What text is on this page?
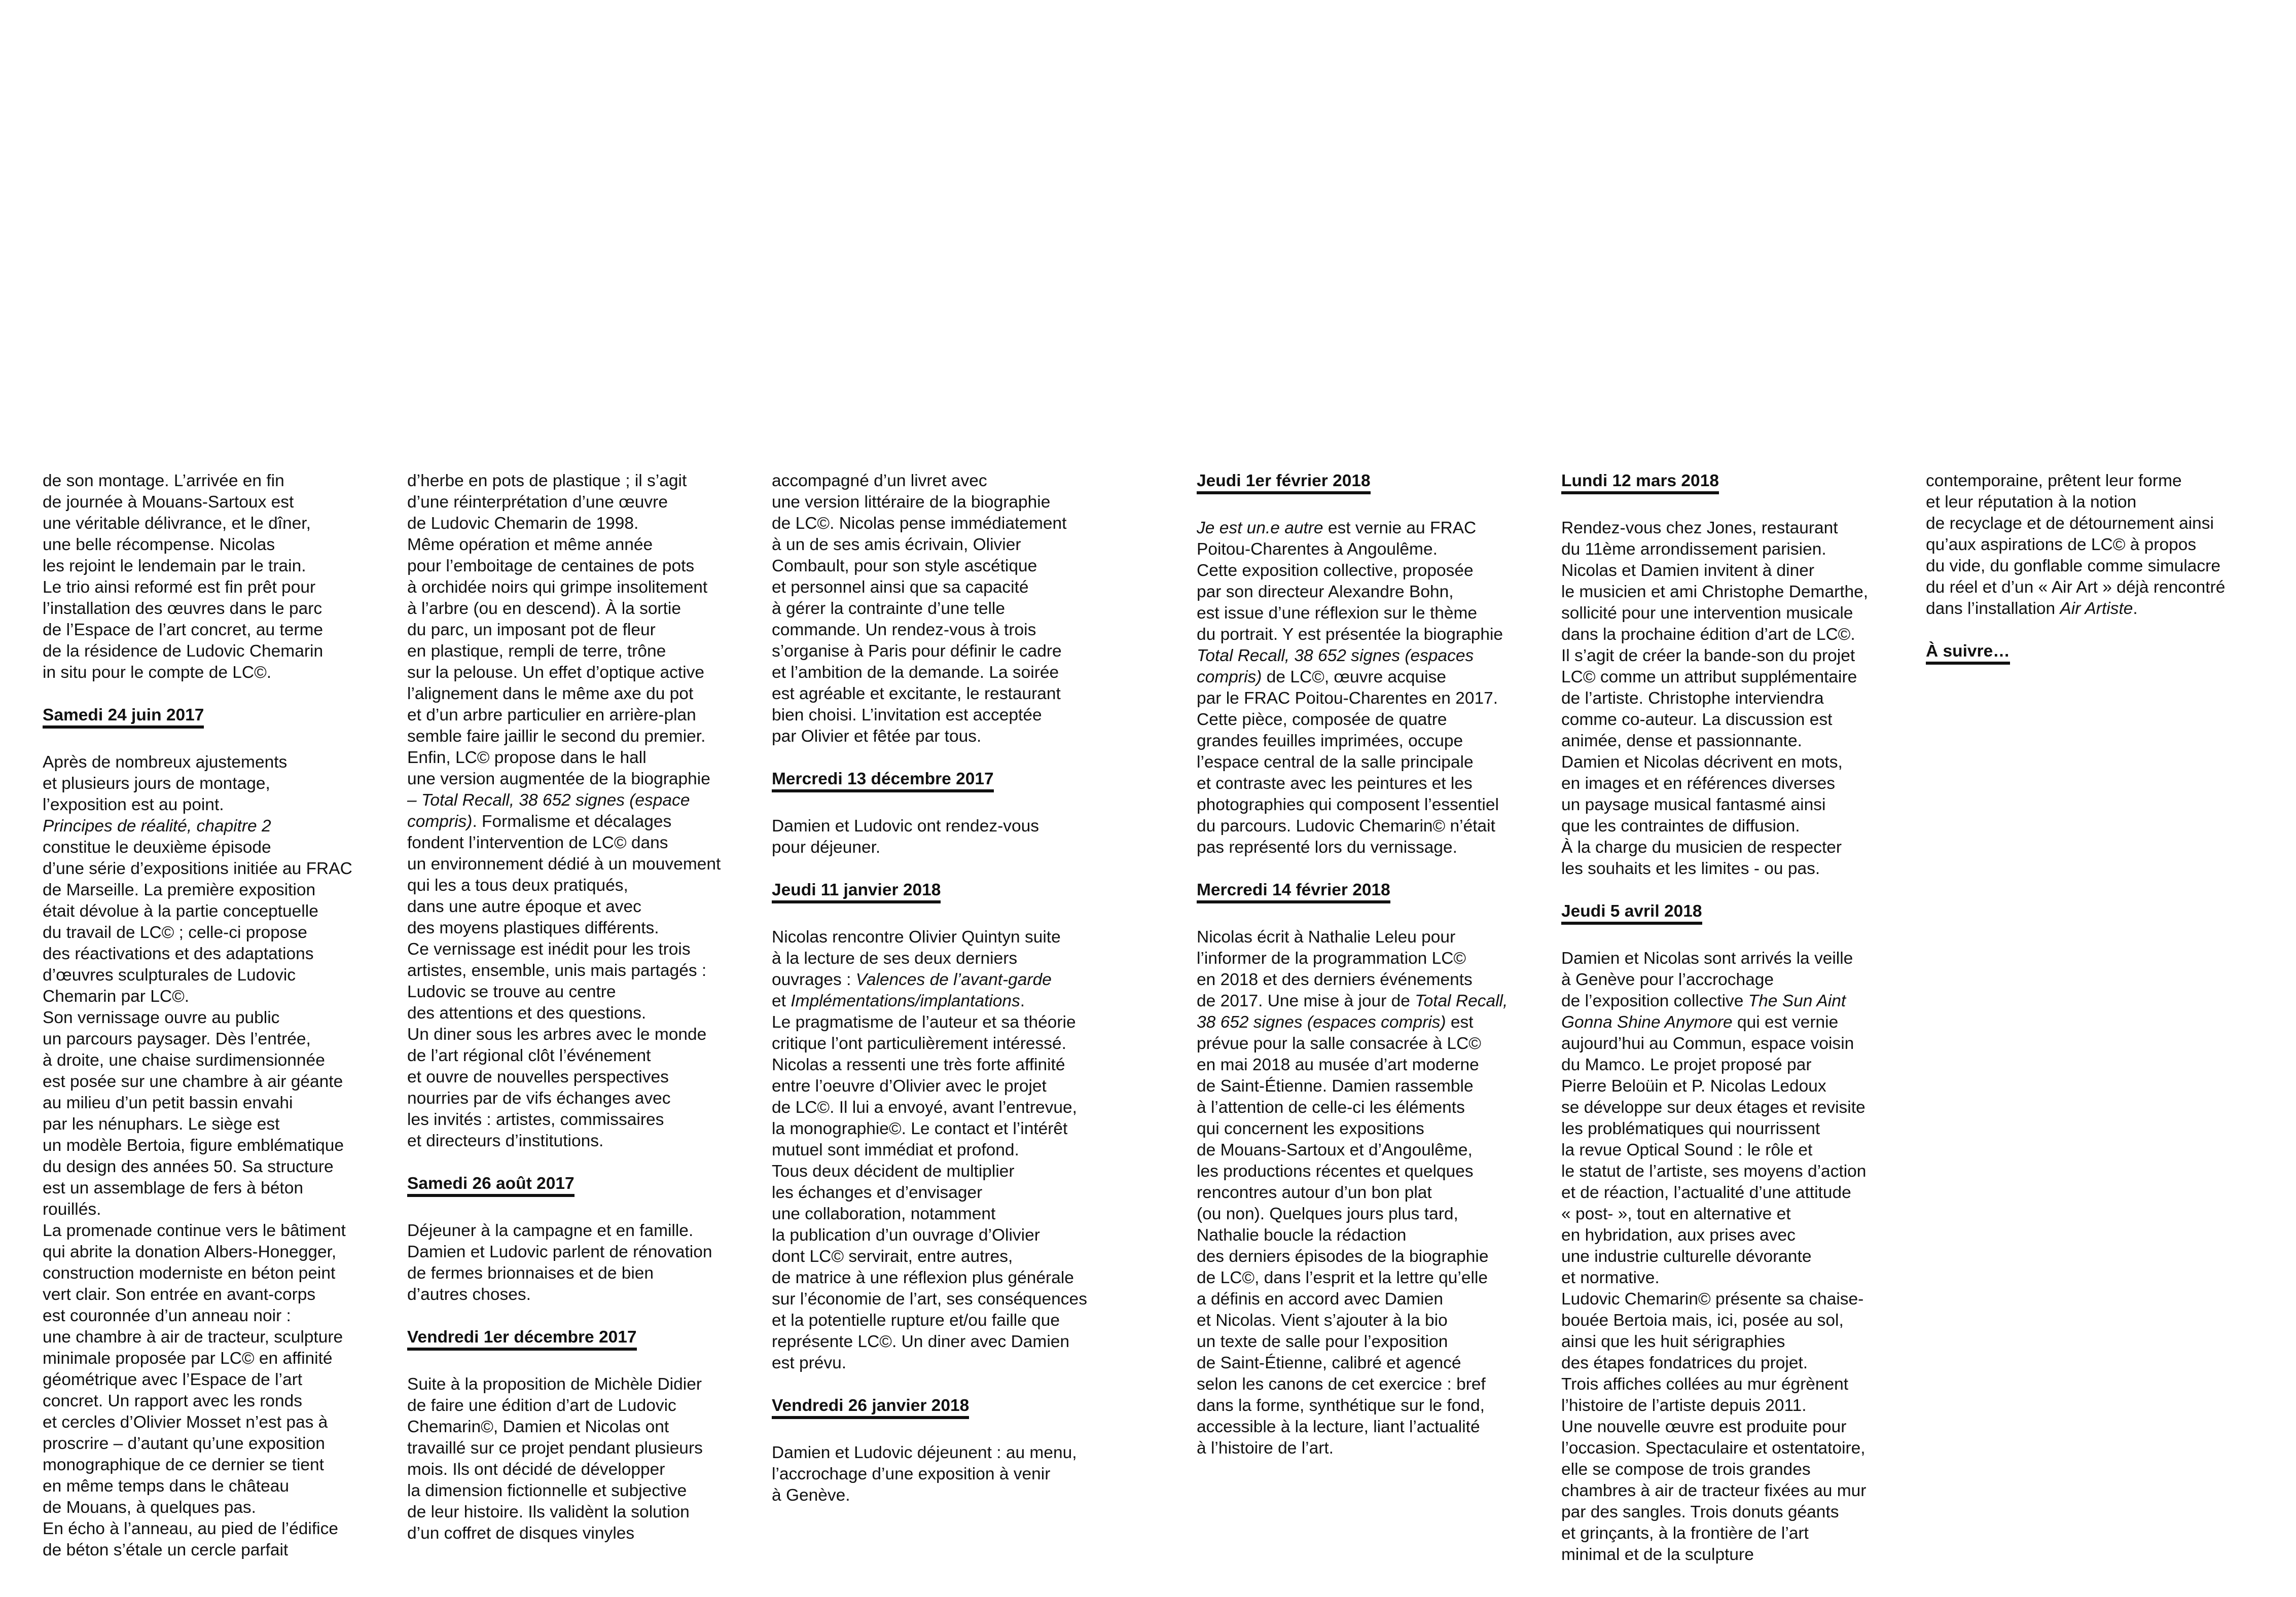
de son montage. L’arrivée en fin
de journée à Mouans-Sartoux est
une véritable délivrance, et le dîner,
une belle récompense. Nicolas
les rejoint le lendemain par le train.
Le trio ainsi reformé est fin prêt pour
l’installation des œuvres dans le parc
de l’Espace de l’art concret, au terme
de la résidence de Ludovic Chemarin
in situ pour le compte de LC©.
Samedi 24 juin 2017
Après de nombreux ajustements
et plusieurs jours de montage,
l’exposition est au point.
Principes de réalité, chapitre 2
constitue le deuxième épisode
d’une série d’expositions initiée au FRAC
de Marseille. La première exposition
était dévolue à la partie conceptuelle
du travail de LC© ; celle-ci propose
des réactivations et des adaptations
d’œuvres sculpturales de Ludovic
Chemarin par LC©.
Son vernissage ouvre au public
un parcours paysager. Dès l’entrée,
à droite, une chaise surdimensionnée
est posée sur une chambre à air géante
au milieu d’un petit bassin envahi
par les nénuphars. Le siège est
un modèle Bertoia, figure emblématique
du design des années 50. Sa structure
est un assemblage de fers à béton
rouillés.
La promenade continue vers le bâtiment
qui abrite la donation Albers-Honegger,
construction moderniste en béton peint
vert clair. Son entrée en avant-corps
est couronnée d’un anneau noir :
une chambre à air de tracteur, sculpture
minimale proposée par LC© en affinité
géométrique avec l’Espace de l’art
concret. Un rapport avec les ronds
et cercles d’Olivier Mosset n’est pas à
proscrire – d’autant qu’une exposition
monographique de ce dernier se tient
en même temps dans le château
de Mouans, à quelques pas.
En écho à l’anneau, au pied de l’édifice
de béton s’étale un cercle parfait
d’herbe en pots de plastique ; il s’agit
d’une réinterprétation d’une œuvre
de Ludovic Chemarin de 1998.
Même opération et même année
pour l’emboitage de centaines de pots
à orchidée noirs qui grimpe insolitement
à l’arbre (ou en descend). À la sortie
du parc, un imposant pot de fleur
en plastique, rempli de terre, trône
sur la pelouse. Un effet d’optique active
l’alignement dans le même axe du pot
et d’un arbre particulier en arrière-plan
semble faire jaillir le second du premier.
Enfin, LC© propose dans le hall
une version augmentée de la biographie
– Total Recall, 38 652 signes (espace
compris). Formalisme et décalages
fondent l’intervention de LC© dans
un environnement dédié à un mouvement
qui les a tous deux pratiqués,
dans une autre époque et avec
des moyens plastiques différents.
Ce vernissage est inédit pour les trois
artistes, ensemble, unis mais partagés :
Ludovic se trouve au centre
des attentions et des questions.
Un diner sous les arbres avec le monde
de l’art régional clôt l’événement
et ouvre de nouvelles perspectives
nourries par de vifs échanges avec
les invités : artistes, commissaires
et directeurs d’institutions.
Samedi 26 août 2017
Déjeuner à la campagne et en famille.
Damien et Ludovic parlent de rénovation
de fermes brionnaises et de bien
d’autres choses.
Vendredi 1er décembre 2017
Suite à la proposition de Michèle Didier
de faire une édition d’art de Ludovic
Chemarin©, Damien et Nicolas ont
travaillé sur ce projet pendant plusieurs
mois. Ils ont décidé de développer
la dimension fictionnelle et subjective
de leur histoire. Ils validènt la solution
d’un coffret de disques vinyles
accompagné d’un livret avec
une version littéraire de la biographie
de LC©. Nicolas pense immédiatement
à un de ses amis écrivain, Olivier
Combault, pour son style ascétique
et personnel ainsi que sa capacité
à gérer la contrainte d’une telle
commande. Un rendez-vous à trois
s’organise à Paris pour définir le cadre
et l’ambition de la demande. La soirée
est agréable et excitante, le restaurant
bien choisi. L’invitation est acceptée
par Olivier et fêtée par tous.
Mercredi 13 décembre 2017
Damien et Ludovic ont rendez-vous
pour déjeuner.
Jeudi 11 janvier 2018
Nicolas rencontre Olivier Quintyn suite
à la lecture de ses deux derniers
ouvrages : Valences de l’avant-garde
et Implémentations/implantations.
Le pragmatisme de l’auteur et sa théorie
critique l’ont particulièrement intéressé.
Nicolas a ressenti une très forte affinité
entre l’oeuvre d’Olivier avec le projet
de LC©. Il lui a envoyé, avant l’entrevue,
la monographie©. Le contact et l’intérêt
mutuel sont immédiat et profond.
Tous deux décident de multiplier
les échanges et d’envisager
une collaboration, notamment
la publication d’un ouvrage d’Olivier
dont LC© servirait, entre autres,
de matrice à une réflexion plus générale
sur l’économie de l’art, ses conséquences
et la potentielle rupture et/ou faille que
représente LC©. Un diner avec Damien
est prévu.
Vendredi 26 janvier 2018
Damien et Ludovic déjeunent : au menu,
l’accrochage d’une exposition à venir
à Genève.
Jeudi 1er février 2018
Je est un.e autre est vernie au FRAC
Poitou-Charentes à Angoulême.
Cette exposition collective, proposée
par son directeur Alexandre Bohn,
est issue d’une réflexion sur le thème
du portrait. Y est présentée la biographie
Total Recall, 38 652 signes (espaces
compris) de LC©, œuvre acquise
par le FRAC Poitou-Charentes en 2017.
Cette pièce, composée de quatre
grandes feuilles imprimées, occupe
l’espace central de la salle principale
et contraste avec les peintures et les
photographies qui composent l’essentiel
du parcours. Ludovic Chemarin© n’était
pas représenté lors du vernissage.
Mercredi 14 février 2018
Nicolas écrit à Nathalie Leleu pour
l’informer de la programmation LC©
en 2018 et des derniers événements
de 2017. Une mise à jour de Total Recall,
38 652 signes (espaces compris) est
prévue pour la salle consacrée à LC©
en mai 2018 au musée d’art moderne
de Saint-Étienne. Damien rassemble
à l’attention de celle-ci les éléments
qui concernent les expositions
de Mouans-Sartoux et d’Angoulême,
les productions récentes et quelques
rencontres autour d’un bon plat
(ou non). Quelques jours plus tard,
Nathalie boucle la rédaction
des derniers épisodes de la biographie
de LC©, dans l’esprit et la lettre qu’elle
a définis en accord avec Damien
et Nicolas. Vient s’ajouter à la bio
un texte de salle pour l’exposition
de Saint-Étienne, calibré et agencé
selon les canons de cet exercice : bref
dans la forme, synthétique sur le fond,
accessible à la lecture, liant l’actualité
à l’histoire de l’art.
Lundi 12 mars 2018
Rendez-vous chez Jones, restaurant
du 11ème arrondissement parisien.
Nicolas et Damien invitent à diner
le musicien et ami Christophe Demarthe,
sollicité pour une intervention musicale
dans la prochaine édition d’art de LC©.
Il s’agit de créer la bande-son du projet
LC© comme un attribut supplémentaire
de l’artiste. Christophe interviendra
comme co-auteur. La discussion est
animée, dense et passionnante.
Damien et Nicolas décrivent en mots,
en images et en références diverses
un paysage musical fantasmé ainsi
que les contraintes de diffusion.
À la charge du musicien de respecter
les souhaits et les limites - ou pas.
Jeudi 5 avril 2018
Damien et Nicolas sont arrivés la veille
à Genève pour l’accrochage
de l’exposition collective The Sun Aint
Gonna Shine Anymore qui est vernie
aujourd’hui au Commun, espace voisin
du Mamco. Le projet proposé par
Pierre Beloüin et P. Nicolas Ledoux
se développe sur deux étages et revisite
les problématiques qui nourrissent
la revue Optical Sound : le rôle et
le statut de l’artiste, ses moyens d’action
et de réaction, l’actualité d’une attitude
« post- », tout en alternative et
en hybridation, aux prises avec
une industrie culturelle dévorante
et normative.
Ludovic Chemarin© présente sa chaise-
bouée Bertoia mais, ici, posée au sol,
ainsi que les huit sérigraphies
des étapes fondatrices du projet.
Trois affiches collées au mur égrènent
l’histoire de l’artiste depuis 2011.
Une nouvelle œuvre est produite pour
l’occasion. Spectaculaire et ostentatoire,
elle se compose de trois grandes
chambres à air de tracteur fixées au mur
par des sangles. Trois donuts géants
et grinçants, à la frontière de l’art
minimal et de la sculpture
contemporaine, prêtent leur forme
et leur réputation à la notion
de recyclage et de détournement ainsi
qu’aux aspirations de LC© à propos
du vide, du gonflable comme simulacre
du réel et d’un « Air Art » déjà rencontré
dans l’installation Air Artiste.
À suivre…
